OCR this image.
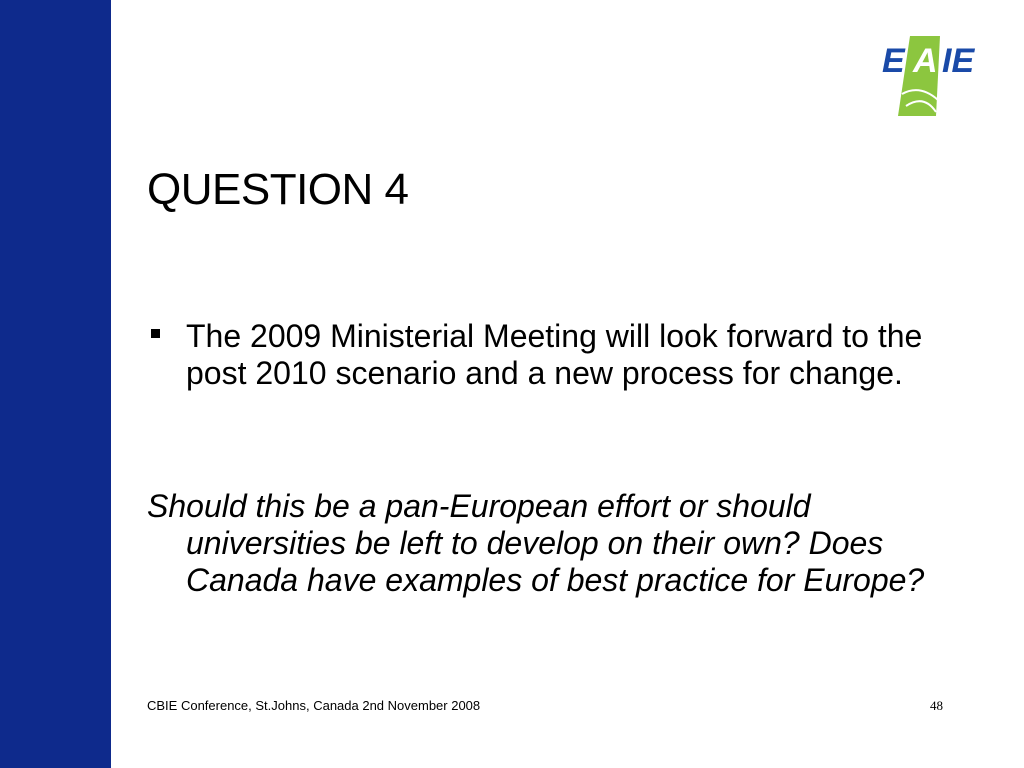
E A IE
QUESTION 4

The 2009 Ministerial Meeting will look forward to the post 2010 scenario and a new process for change.

Should this be a pan-European effort or should universities be left to develop on their own? Does Canada have examples of best practice for Europe?

CBIE Conference, St.Johns, Canada 2nd November 2008	48
